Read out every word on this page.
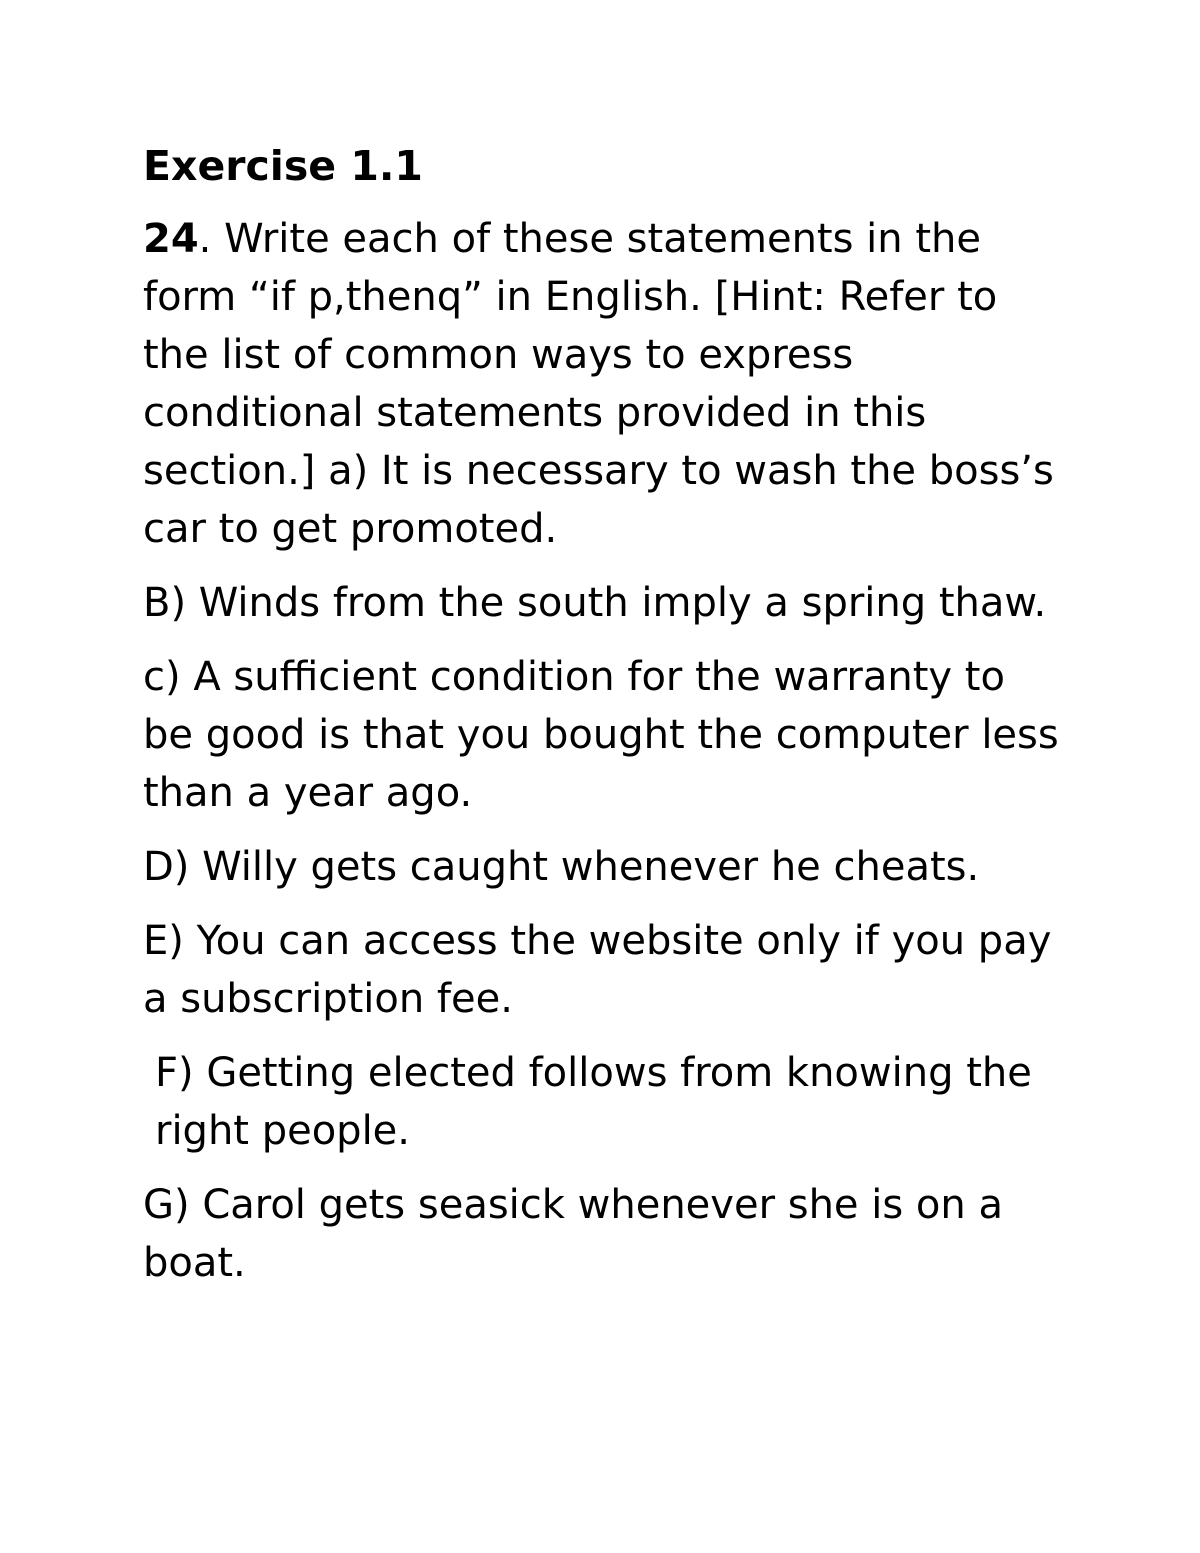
Exercise 1.1
24. Write each of these statements in the form “if p,thenq” in English. [Hint: Refer to the list of common ways to express conditional statements provided in this section.] a) It is necessary to wash the boss’s car to get promoted.
B) Winds from the south imply a spring thaw.
c) A sufficient condition for the warranty to be good is that you bought the computer less than a year ago.
D) Willy gets caught whenever he cheats.
E) You can access the website only if you pay a subscription fee.
F) Getting elected follows from knowing the right people.
G) Carol gets seasick whenever she is on a boat.
